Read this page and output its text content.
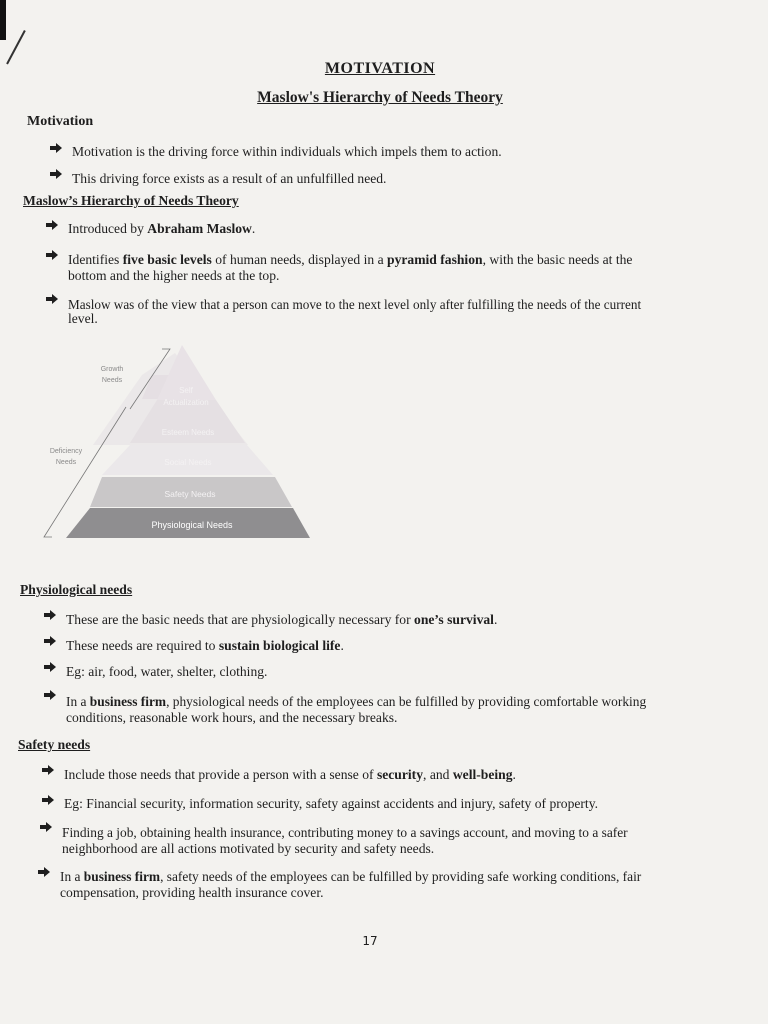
MOTIVATION
Maslow's Hierarchy of Needs Theory
Motivation
Motivation is the driving force within individuals which impels them to action.
This driving force exists as a result of an unfulfilled need.
Maslow’s Hierarchy of Needs Theory
Introduced by Abraham Maslow.
Identifies five basic levels of human needs, displayed in a pyramid fashion, with the basic needs at the
bottom and the higher needs at the top.
Maslow was of the view that a person can move to the next level only after fulfilling the needs of the current
level.
Growth
Needs
Deficiency
Needs
Self
Actualization
Esteem Needs
Social Needs
Safety Needs
Physiological Needs
Physiological needs
These are the basic needs that are physiologically necessary for one’s survival.
These needs are required to sustain biological life.
Eg: air, food, water, shelter, clothing.
In a business firm, physiological needs of the employees can be fulfilled by providing comfortable working
conditions, reasonable work hours, and the necessary breaks.
Safety needs
Include those needs that provide a person with a sense of security, and well-being.
Eg: Financial security, information security, safety against accidents and injury, safety of property.
Finding a job, obtaining health insurance, contributing money to a savings account, and moving to a safer
neighborhood are all actions motivated by security and safety needs.
In a business firm, safety needs of the employees can be fulfilled by providing safe working conditions, fair
compensation, providing health insurance cover.
17
